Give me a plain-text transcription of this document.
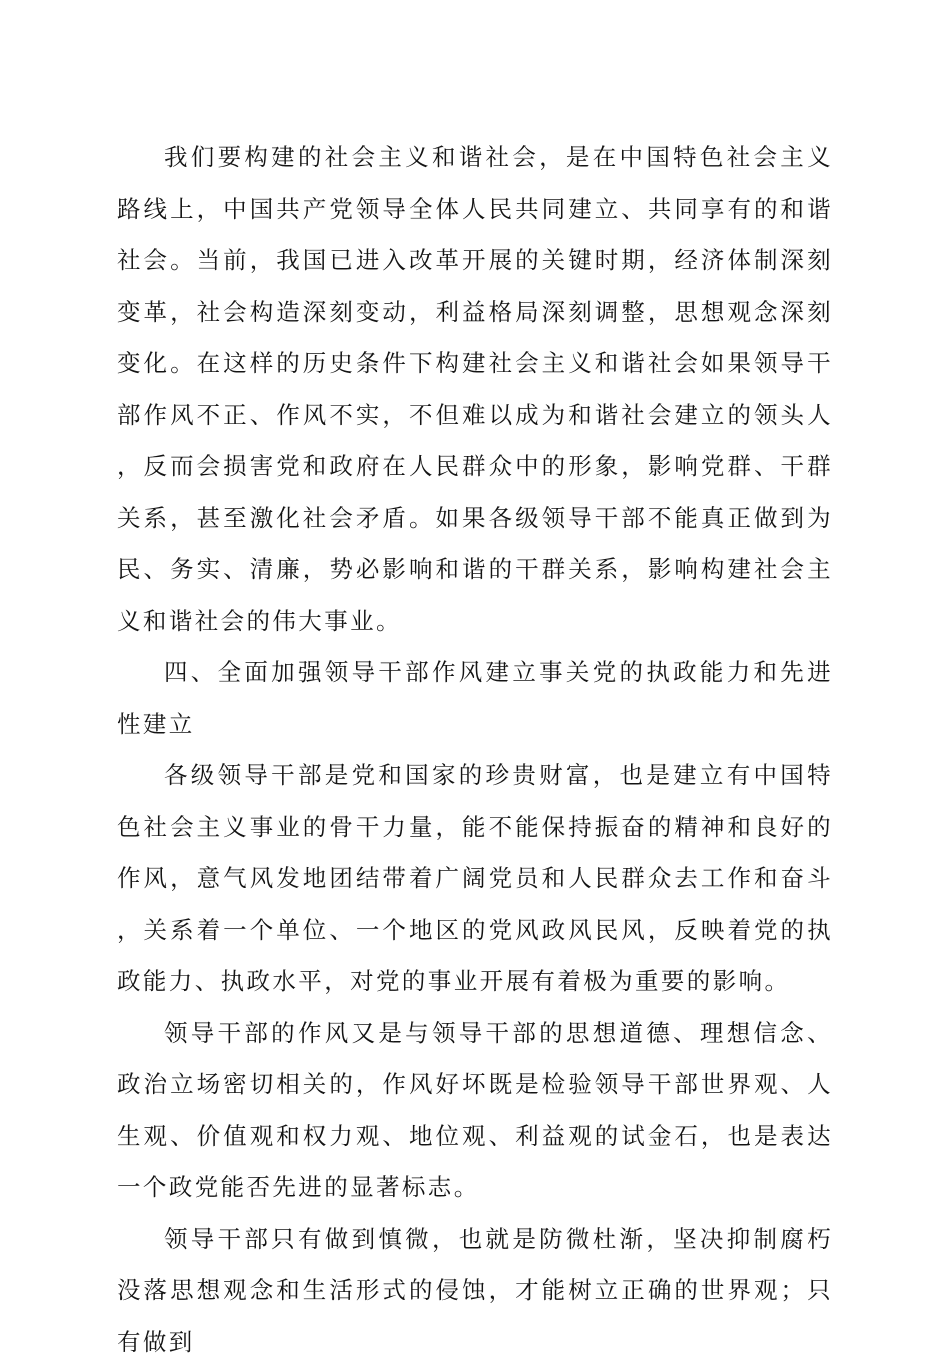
我们要构建的社会主义和谐社会，是在中国特色社会主义路线上，中国共产党领导全体人民共同建立、共同享有的和谐社会。当前，我国已进入改革开展的关键时期，经济体制深刻变革，社会构造深刻变动，利益格局深刻调整，思想观念深刻变化。在这样的历史条件下构建社会主义和谐社会如果领导干部作风不正、作风不实，不但难以成为和谐社会建立的领头人，反而会损害党和政府在人民群众中的形象，影响党群、干群关系，甚至激化社会矛盾。如果各级领导干部不能真正做到为民、务实、清廉，势必影响和谐的干群关系，影响构建社会主义和谐社会的伟大事业。

四、全面加强领导干部作风建立事关党的执政能力和先进性建立

各级领导干部是党和国家的珍贵财富，也是建立有中国特色社会主义事业的骨干力量，能不能保持振奋的精神和良好的作风，意气风发地团结带着广阔党员和人民群众去工作和奋斗，关系着一个单位、一个地区的党风政风民风，反映着党的执政能力、执政水平，对党的事业开展有着极为重要的影响。

领导干部的作风又是与领导干部的思想道德、理想信念、政治立场密切相关的，作风好坏既是检验领导干部世界观、人生观、价值观和权力观、地位观、利益观的试金石，也是表达一个政党能否先进的显著标志。

领导干部只有做到慎微，也就是防微杜渐，坚决抑制腐朽没落思想观念和生活形式的侵蚀，才能树立正确的世界观；只有做到
